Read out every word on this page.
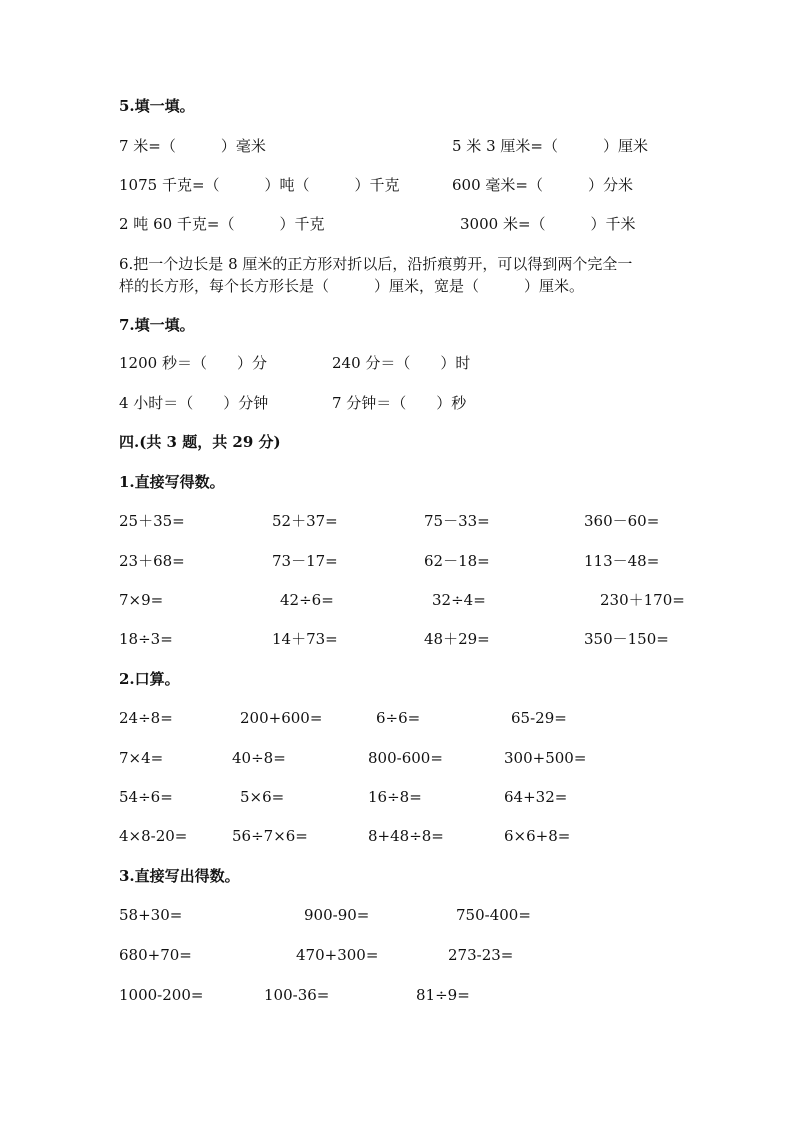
5.填一填。
7 米=（　　　）毫米	5 米 3 厘米=（　　　）厘米
1075 千克=（　　　）吨（　　　）千克	600 毫米=（　　　）分米
2 吨 60 千克=（　　　）千克	3000 米=（　　　）千米
6.把一个边长是 8 厘米的正方形对折以后，沿折痕剪开，可以得到两个完全一
样的长方形，每个长方形长是（　　　）厘米，宽是（　　　）厘米。
7.填一填。
1200 秒＝（　　）分	240 分＝（　　）时
4 小时＝（　　）分钟	7 分钟＝（　　）秒
四.(共 3 题，共 29 分)
1.直接写得数。
25＋35=	52＋37=	75－33=	360－60=
23＋68=	73－17=	62－18=	113－48=
7×9=	42÷6=	32÷4=	230＋170=
18÷3=	14＋73=	48＋29=	350－150=
2.口算。
24÷8=	200+600=	6÷6=	65-29=
7×4=	40÷8=	800-600=	300+500=
54÷6=	5×6=	16÷8=	64+32=
4×8-20=	56÷7×6=	8+48÷8=	6×6+8=
3.直接写出得数。
58+30=	900-90=	750-400=
680+70=	470+300=	273-23=
1000-200=	100-36=	81÷9=
